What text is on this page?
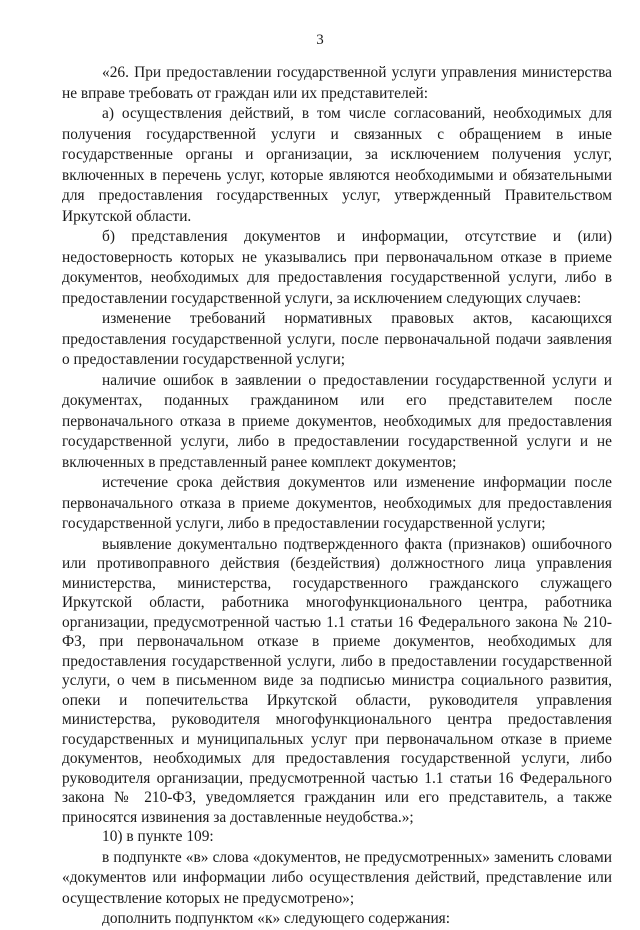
3

«26. При предоставлении государственной услуги управления министерства не вправе требовать от граждан или их представителей:

а) осуществления действий, в том числе согласований, необходимых для получения государственной услуги и связанных с обращением в иные государственные органы и организации, за исключением получения услуг, включенных в перечень услуг, которые являются необходимыми и обязательными для предоставления государственных услуг, утвержденный Правительством Иркутской области.

б) представления документов и информации, отсутствие и (или) недостоверность которых не указывались при первоначальном отказе в приеме документов, необходимых для предоставления государственной услуги, либо в предоставлении государственной услуги, за исключением следующих случаев:

изменение требований нормативных правовых актов, касающихся предоставления государственной услуги, после первоначальной подачи заявления о предоставлении государственной услуги;

наличие ошибок в заявлении о предоставлении государственной услуги и документах, поданных гражданином или его представителем после первоначального отказа в приеме документов, необходимых для предоставления государственной услуги, либо в предоставлении государственной услуги и не включенных в представленный ранее комплект документов;

истечение срока действия документов или изменение информации после первоначального отказа в приеме документов, необходимых для предоставления государственной услуги, либо в предоставлении государственной услуги;

выявление документально подтвержденного факта (признаков) ошибочного или противоправного действия (бездействия) должностного лица управления министерства, министерства, государственного гражданского служащего Иркутской области, работника многофункционального центра, работника организации, предусмотренной частью 1.1 статьи 16 Федерального закона № 210-ФЗ, при первоначальном отказе в приеме документов, необходимых для предоставления государственной услуги, либо в предоставлении государственной услуги, о чем в письменном виде за подписью министра социального развития, опеки и попечительства Иркутской области, руководителя управления министерства, руководителя многофункционального центра предоставления государственных и муниципальных услуг при первоначальном отказе в приеме документов, необходимых для предоставления государственной услуги, либо руководителя организации, предусмотренной частью 1.1 статьи 16 Федерального закона № 210-ФЗ, уведомляется гражданин или его представитель, а также приносятся извинения за доставленные неудобства.»;

10) в пункте 109:

в подпункте «в» слова «документов, не предусмотренных» заменить словами «документов или информации либо осуществления действий, представление или осуществление которых не предусмотрено»;

дополнить подпунктом «к» следующего содержания:
